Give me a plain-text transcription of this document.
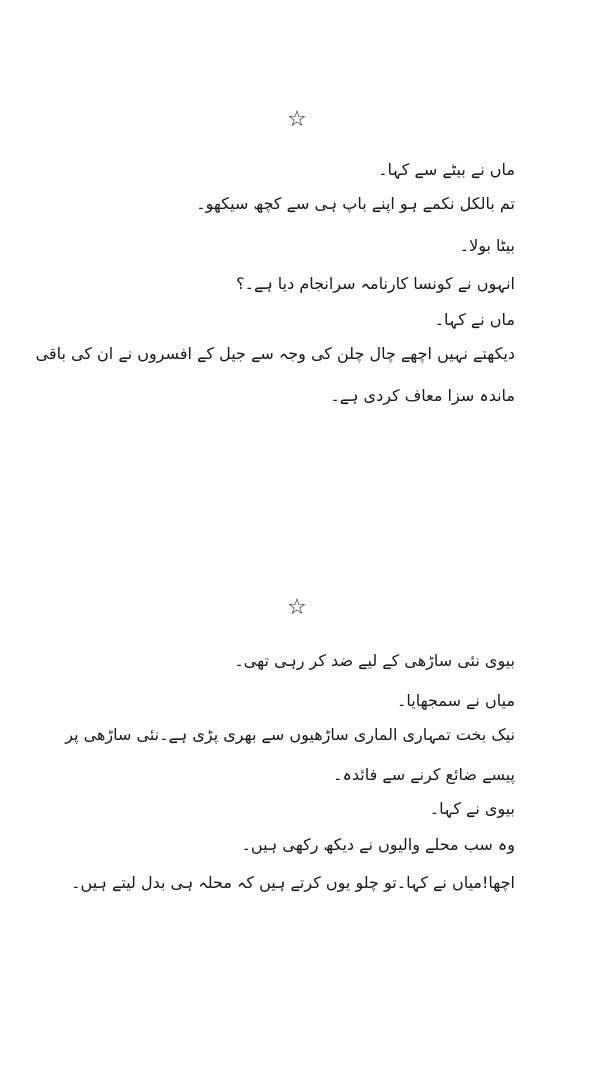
☆
ماں نے بیٹے سے کہا۔
تم بالکل نکمے ہو اپنے باپ ہی سے کچھ سیکھو۔
بیٹا بولا۔
انہوں نے کونسا کارنامہ سرانجام دیا ہے۔؟
ماں نے کہا۔
دیکھتے نہیں اچھے چال چلن کی وجہ سے جیل کے افسروں نے ان کی باقی
ماندہ سزا معاف کردی ہے۔
☆
بیوی نئی ساڑھی کے لیے ضد کر رہی تھی۔
میاں نے سمجھایا۔
نیک بخت تمہاری الماری ساڑھیوں سے بھری پڑی ہے۔نئی ساڑھی پر
پیسے ضائع کرنے سے فائدہ۔
بیوی نے کہا۔
وہ سب محلے والیوں نے دیکھ رکھی ہیں۔
اچھا!میاں نے کہا۔تو چلو یوں کرتے ہیں کہ محلہ ہی بدل لیتے ہیں۔
